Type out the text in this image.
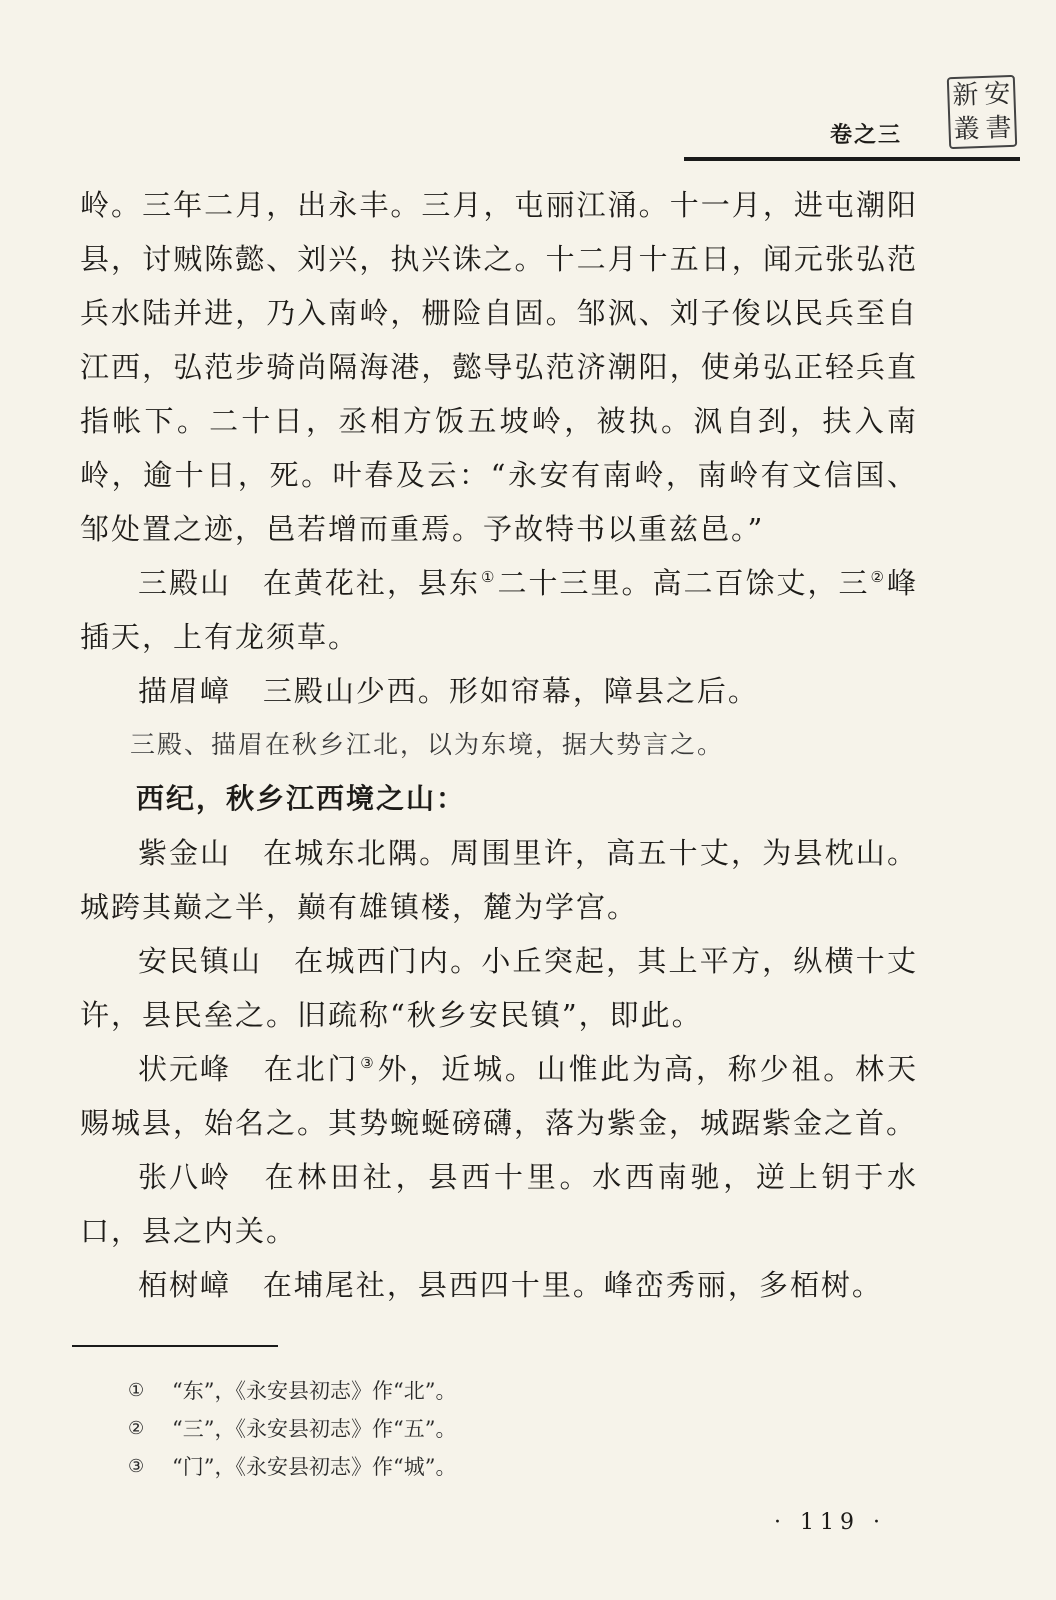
新 安
叢 書
卷之三

岭。三年二月，出永丰。三月，屯丽江涌。十一月，进屯潮阳县，讨贼陈懿、刘兴，执兴诛之。十二月十五日，闻元张弘范兵水陆并进，乃入南岭，栅险自固。邹沨、刘子俊以民兵至自江西，弘范步骑尚隔海港，懿导弘范济潮阳，使弟弘正轻兵直指帐下。二十日，丞相方饭五坡岭，被执。沨自刭，扶入南岭，逾十日，死。叶春及云：“永安有南岭，南岭有文信国、邹处置之迹，邑若增而重焉。予故特书以重兹邑。”

三殿山 在黄花社，县东①二十三里。高二百馀丈，三②峰插天，上有龙须草。

描眉嶂 三殿山少西。形如帘幕，障县之后。

三殿、描眉在秋乡江北，以为东境，据大势言之。

西纪，秋乡江西境之山：

紫金山 在城东北隅。周围里许，高五十丈，为县枕山。城跨其巅之半，巅有雄镇楼，麓为学宫。

安民镇山 在城西门内。小丘突起，其上平方，纵横十丈许，县民垒之。旧疏称“秋乡安民镇”，即此。

状元峰 在北门③外，近城。山惟此为高，称少祖。林天赐城县，始名之。其势蜿蜒磅礴，落为紫金，城踞紫金之首。

张八岭 在林田社，县西十里。水西南驰，逆上钥于水口，县之内关。

栢树嶂 在埔尾社，县西四十里。峰峦秀丽，多栢树。

①	“东”，《永安县初志》作“北”。
②	“三”，《永安县初志》作“五”。
③	“门”，《永安县初志》作“城”。
· 119 ·
